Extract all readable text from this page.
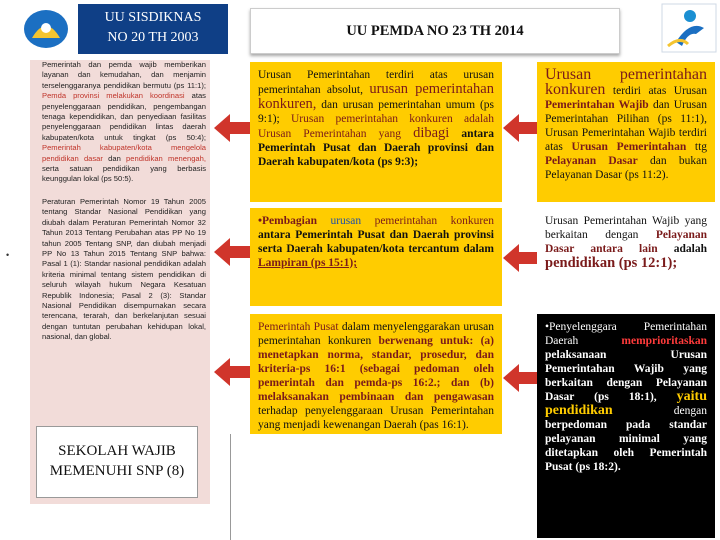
UU SISDIKNAS
NO 20 TH 2003	UU PEMDA NO 23 TH 2014
Pemerintah dan pemda wajib memberikan layanan dan kemudahan, dan menjamin terselenggaranya pendidikan bermutu (ps 11:1); Pemda provinsi melakukan koordinasi atas penyelenggaraan pendidikan, pengembangan tenaga kependidikan, dan penyediaan fasilitas penyelenggaraan pendidikan lintas daerah kabupaten/kota untuk tingkat (ps 50:4); Pemerintah kabupaten/kota mengelola pendidikan dasar dan pendidikan menengah, serta satuan pendidikan yang berbasis keunggulan lokal (ps 50:5).
Peraturan Pemerintah Nomor 19 Tahun 2005 tentang Standar Nasional Pendidikan yang diubah dalam Peraturan Pemerintah Nomor 32 Tahun 2013 Tentang Perubahan atas PP No 19 tahun 2005 Tentang SNP, dan diubah menjadi PP No 13 Tahun 2015 Tentang SNP bahwa: Pasal 1 (1): Standar nasional pendidikan adalah kriteria minimal tentang sistem pendidikan di seluruh wilayah hukum Negara Kesatuan Republik Indonesia; Pasal 2 (3): Standar Nasional Pendidikan disempurnakan secara terencana, terarah, dan berkelanjutan sesuai dengan tuntutan perubahan kehidupan lokal, nasional, dan global.
•
SEKOLAH WAJIB
MEMENUHI SNP (8)
Urusan Pemerintahan terdiri atas urusan pemerintahan absolut, urusan pemerintahan konkuren, dan urusan pemerintahan umum (ps 9:1); Urusan pemerintahan konkuren adalah Urusan Pemerintahan yang dibagi antara Pemerintah Pusat dan Daerah provinsi dan Daerah kabupaten/kota (ps 9:3);
•Pembagian urusan pemerintahan konkuren antara Pemerintah Pusat dan Daerah provinsi serta Daerah kabupaten/kota tercantum dalam Lampiran (ps 15:1);
Pemerintah Pusat dalam menyelenggarakan urusan pemerintahan konkuren berwenang untuk: (a) menetapkan norma, standar, prosedur, dan kriteria-ps 16:1 (sebagai pedoman oleh pemerintah dan pemda-ps 16:2.; dan (b) melaksanakan pembinaan dan pengawasan terhadap penyelenggaraan Urusan Pemerintahan yang menjadi kewenangan Daerah (pas 16:1).
Urusan pemerintahan konkuren terdiri atas Urusan Pemerintahan Wajib dan Urusan Pemerintahan Pilihan (ps 11:1), Urusan Pemerintahan Wajib terdiri atas Urusan Pemerintahan ttg Pelayanan Dasar dan bukan Pelayanan Dasar (ps 11:2).
Urusan Pemerintahan Wajib yang berkaitan dengan Pelayanan Dasar antara lain adalah pendidikan (ps 12:1);
•Penyelenggara Pemerintahan Daerah	memprioritaskan pelaksanaan Urusan Pemerintahan Wajib yang berkaitan dengan Pelayanan Dasar (ps 18:1), yaitu pendidikan	dengan berpedoman pada standar pelayanan minimal yang ditetapkan oleh Pemerintah Pusat (ps 18:2).
